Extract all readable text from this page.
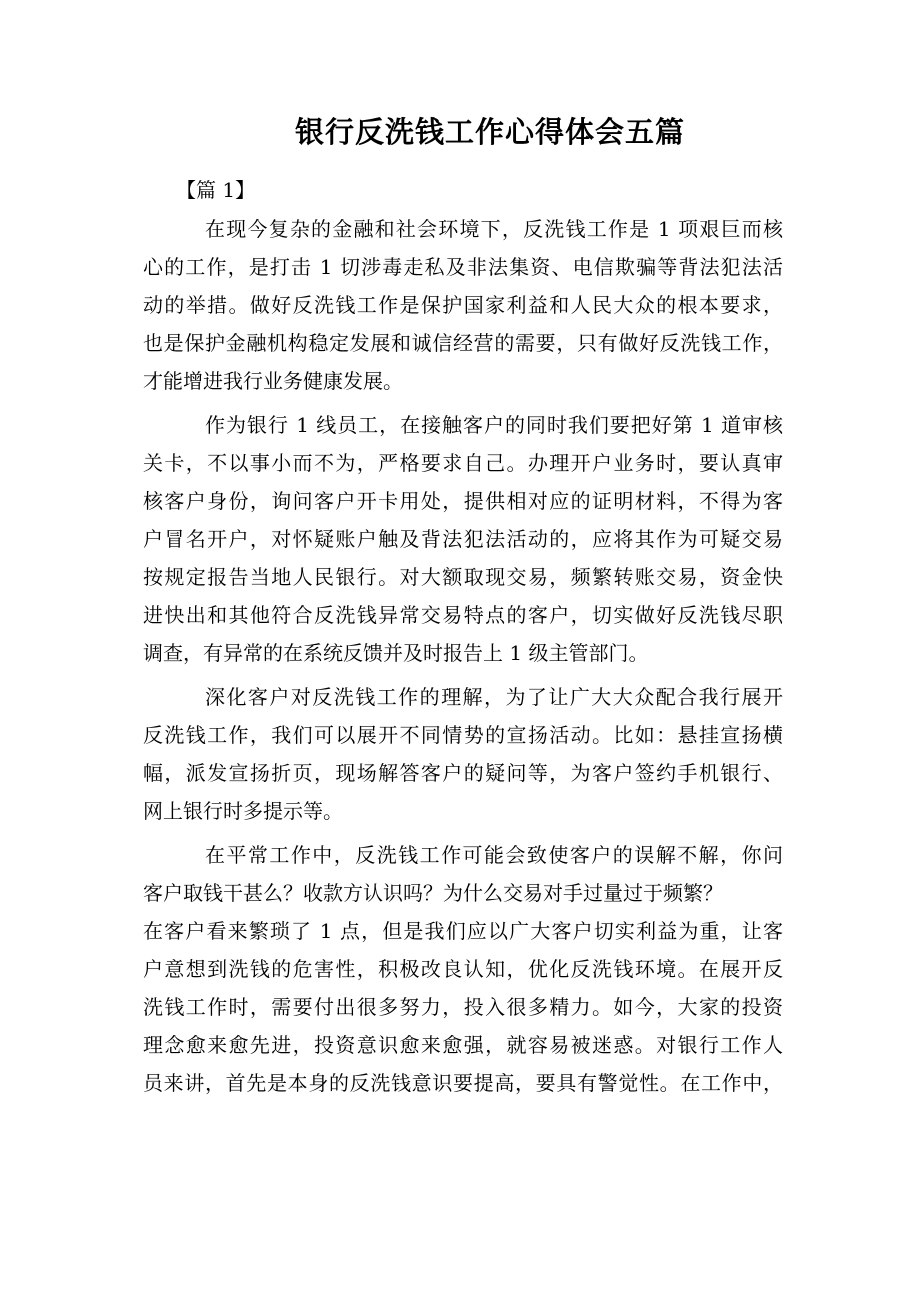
银行反洗钱工作心得体会五篇
【篇 1】
在现今复杂的金融和社会环境下，反洗钱工作是 1 项艰巨而核
心的工作，是打击 1 切涉毒走私及非法集资、电信欺骗等背法犯法活
动的举措。做好反洗钱工作是保护国家利益和人民大众的根本要求，
也是保护金融机构稳定发展和诚信经营的需要，只有做好反洗钱工作，
才能增进我行业务健康发展。
作为银行 1 线员工，在接触客户的同时我们要把好第 1 道审核
关卡，不以事小而不为，严格要求自己。办理开户业务时，要认真审
核客户身份，询问客户开卡用处，提供相对应的证明材料，不得为客
户冒名开户，对怀疑账户触及背法犯法活动的，应将其作为可疑交易
按规定报告当地人民银行。对大额取现交易，频繁转账交易，资金快
进快出和其他符合反洗钱异常交易特点的客户，切实做好反洗钱尽职
调查，有异常的在系统反馈并及时报告上 1 级主管部门。
深化客户对反洗钱工作的理解，为了让广大大众配合我行展开
反洗钱工作，我们可以展开不同情势的宣扬活动。比如：悬挂宣扬横
幅，派发宣扬折页，现场解答客户的疑问等，为客户签约手机银行、
网上银行时多提示等。
在平常工作中，反洗钱工作可能会致使客户的误解不解，你问
客户取钱干甚么？收款方认识吗？为什么交易对手过量过于频繁？
在客户看来繁琐了 1 点，但是我们应以广大客户切实利益为重，让客
户意想到洗钱的危害性，积极改良认知，优化反洗钱环境。在展开反
洗钱工作时，需要付出很多努力，投入很多精力。如今，大家的投资
理念愈来愈先进，投资意识愈来愈强，就容易被迷惑。对银行工作人
员来讲，首先是本身的反洗钱意识要提高，要具有警觉性。在工作中，
